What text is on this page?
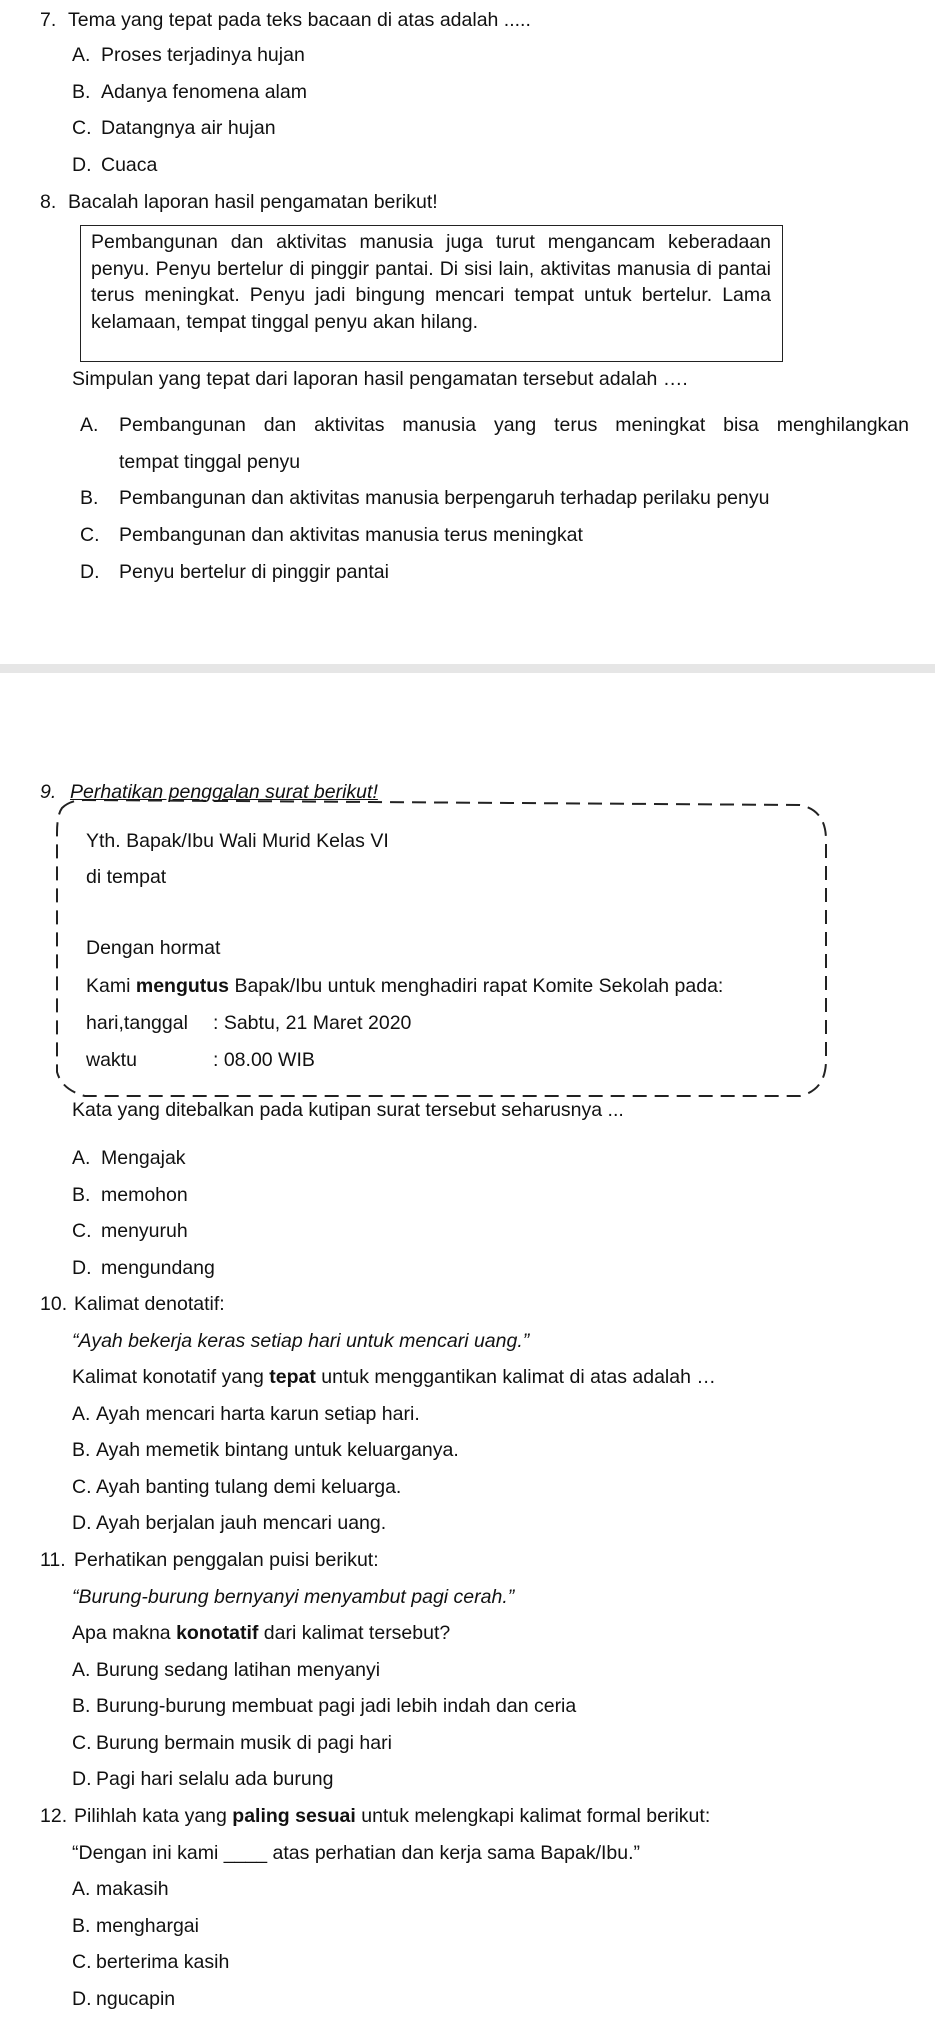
7. Tema yang tepat pada teks bacaan di atas adalah .....
A. Proses terjadinya hujan
B. Adanya fenomena alam
C. Datangnya air hujan
D. Cuaca
8. Bacalah laporan hasil pengamatan berikut!
Pembangunan dan aktivitas manusia juga turut mengancam keberadaan penyu. Penyu bertelur di pinggir pantai. Di sisi lain, aktivitas manusia di pantai terus meningkat. Penyu jadi bingung mencari tempat untuk bertelur. Lama kelamaan, tempat tinggal penyu akan hilang.
Simpulan yang tepat dari laporan hasil pengamatan tersebut adalah ….
A. Pembangunan dan aktivitas manusia yang terus meningkat bisa menghilangkan
tempat tinggal penyu
B. Pembangunan dan aktivitas manusia berpengaruh terhadap perilaku penyu
C. Pembangunan dan aktivitas manusia terus meningkat
D. Penyu bertelur di pinggir pantai
9. Perhatikan penggalan surat berikut!
Yth. Bapak/Ibu Wali Murid Kelas VI
di tempat
Dengan hormat
Kami mengutus Bapak/Ibu untuk menghadiri rapat Komite Sekolah pada:
hari,tanggal : Sabtu, 21 Maret 2020
waktu	: 08.00 WIB
Kata yang ditebalkan pada kutipan surat tersebut seharusnya ...
A. Mengajak
B. memohon
C. menyuruh
D. mengundang
10. Kalimat denotatif:
“Ayah bekerja keras setiap hari untuk mencari uang.”
Kalimat konotatif yang tepat untuk menggantikan kalimat di atas adalah …
A. Ayah mencari harta karun setiap hari.
B. Ayah memetik bintang untuk keluarganya.
C. Ayah banting tulang demi keluarga.
D. Ayah berjalan jauh mencari uang.
11. Perhatikan penggalan puisi berikut:
“Burung-burung bernyanyi menyambut pagi cerah.”
Apa makna konotatif dari kalimat tersebut?
A. Burung sedang latihan menyanyi
B. Burung-burung membuat pagi jadi lebih indah dan ceria
C. Burung bermain musik di pagi hari
D. Pagi hari selalu ada burung
12. Pilihlah kata yang paling sesuai untuk melengkapi kalimat formal berikut:
“Dengan ini kami ____ atas perhatian dan kerja sama Bapak/Ibu.”
A. makasih
B. menghargai
C. berterima kasih
D. ngucapin
